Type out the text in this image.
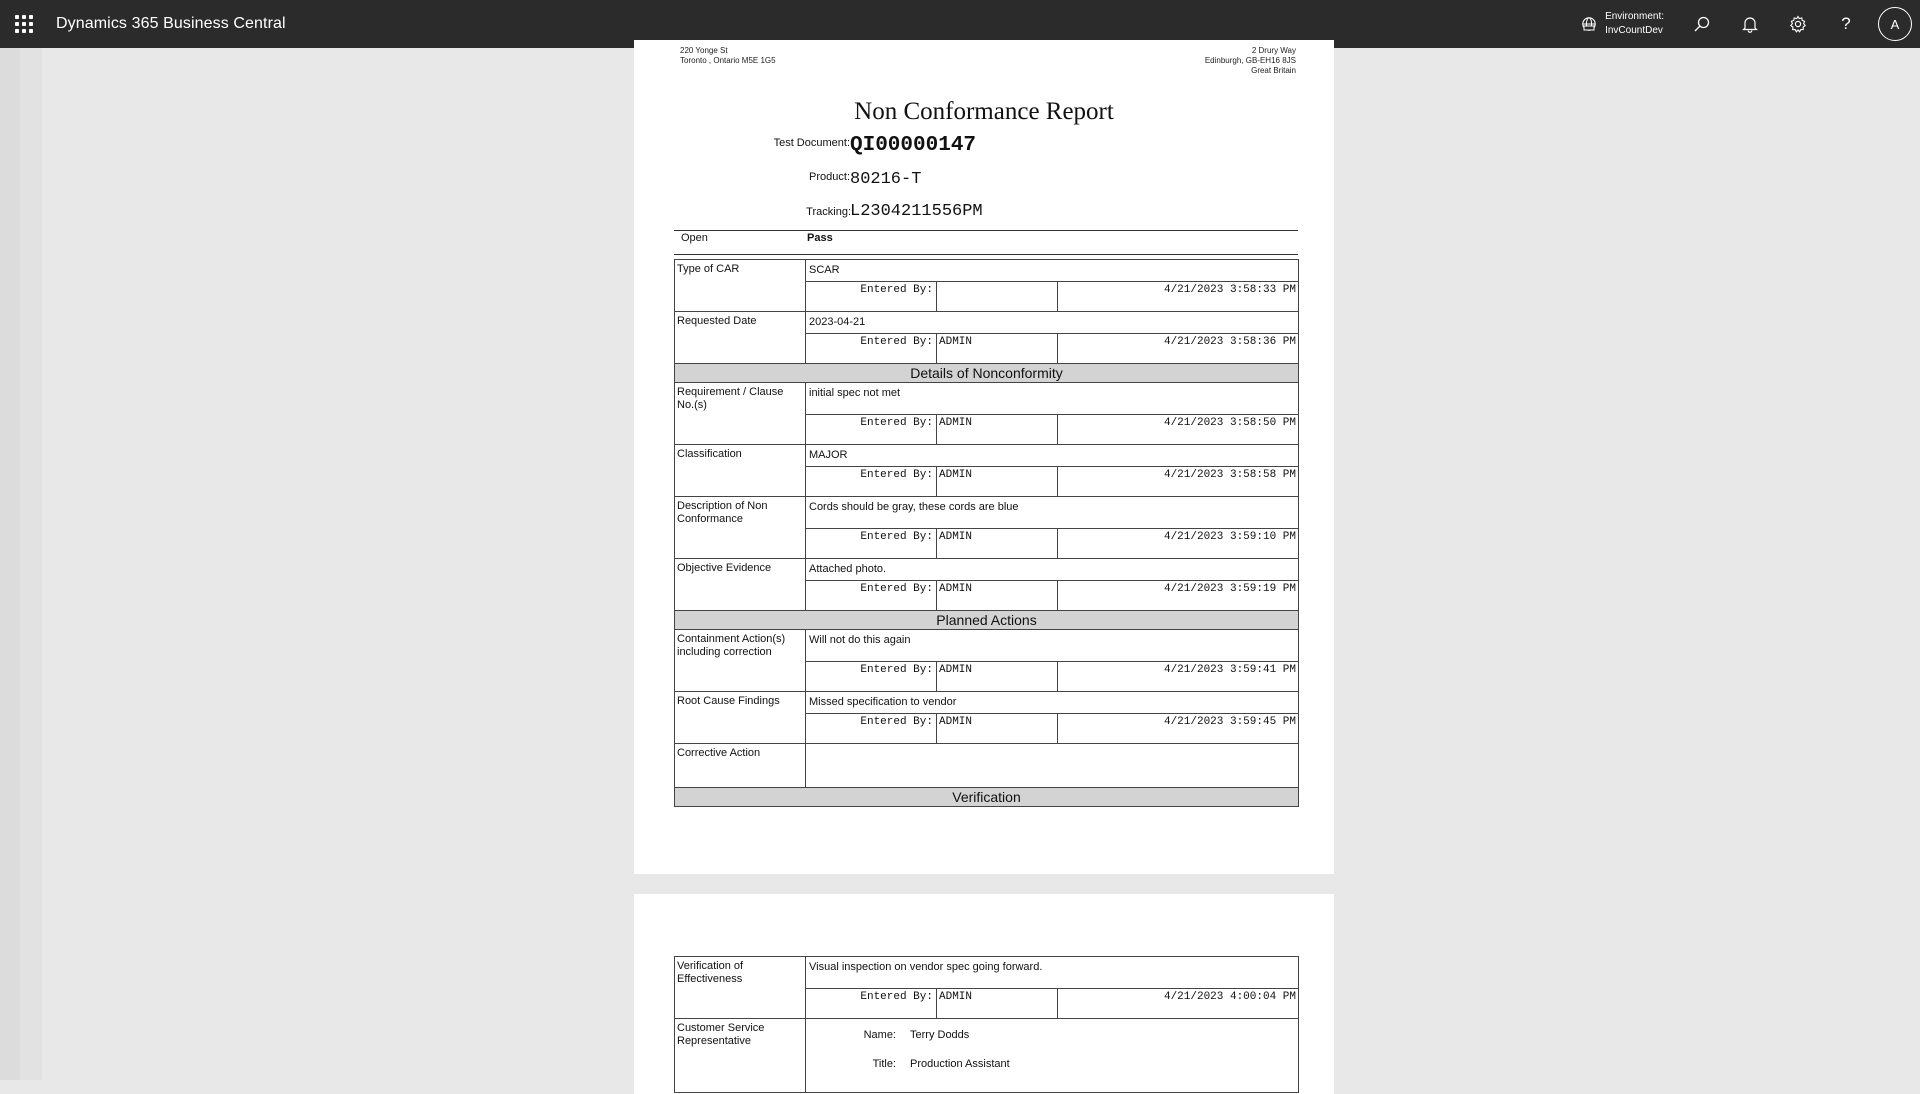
Dynamics 365 Business Central	Environment:
InvCountDev	?	A
220 Yonge St
Toronto , Ontario M5E 1G5
2 Drury Way
Edinburgh, GB-EH16 8JS
Great Britain
Non Conformance Report
Test Document: QI00000147
Product: 80216-T
Tracking: L2304211556PM
Open	Pass
Type of CAR	SCAR		
	Entered By:		4/21/2023 3:58:33 PM
Requested Date	2023-04-21		
	Entered By:	ADMIN	4/21/2023 3:58:36 PM
Details of Nonconformity			
Requirement / Clause No.(s)	initial spec not met		
	Entered By:	ADMIN	4/21/2023 3:58:50 PM
Classification	MAJOR		
	Entered By:	ADMIN	4/21/2023 3:58:58 PM
Description of Non Conformance	Cords should be gray, these cords are blue		
	Entered By:	ADMIN	4/21/2023 3:59:10 PM
Objective Evidence	Attached photo.		
	Entered By:	ADMIN	4/21/2023 3:59:19 PM
Planned Actions			
Containment Action(s) including correction	Will not do this again		
	Entered By:	ADMIN	4/21/2023 3:59:41 PM
Root Cause Findings	Missed specification to vendor		
	Entered By:	ADMIN	4/21/2023 3:59:45 PM
Corrective Action			
Verification			
Verification of Effectiveness	Visual inspection on vendor spec going forward.		
	Entered By:	ADMIN	4/21/2023 4:00:04 PM
Customer Service Representative	Name: Terry Dodds
Title: Production Assistant		
